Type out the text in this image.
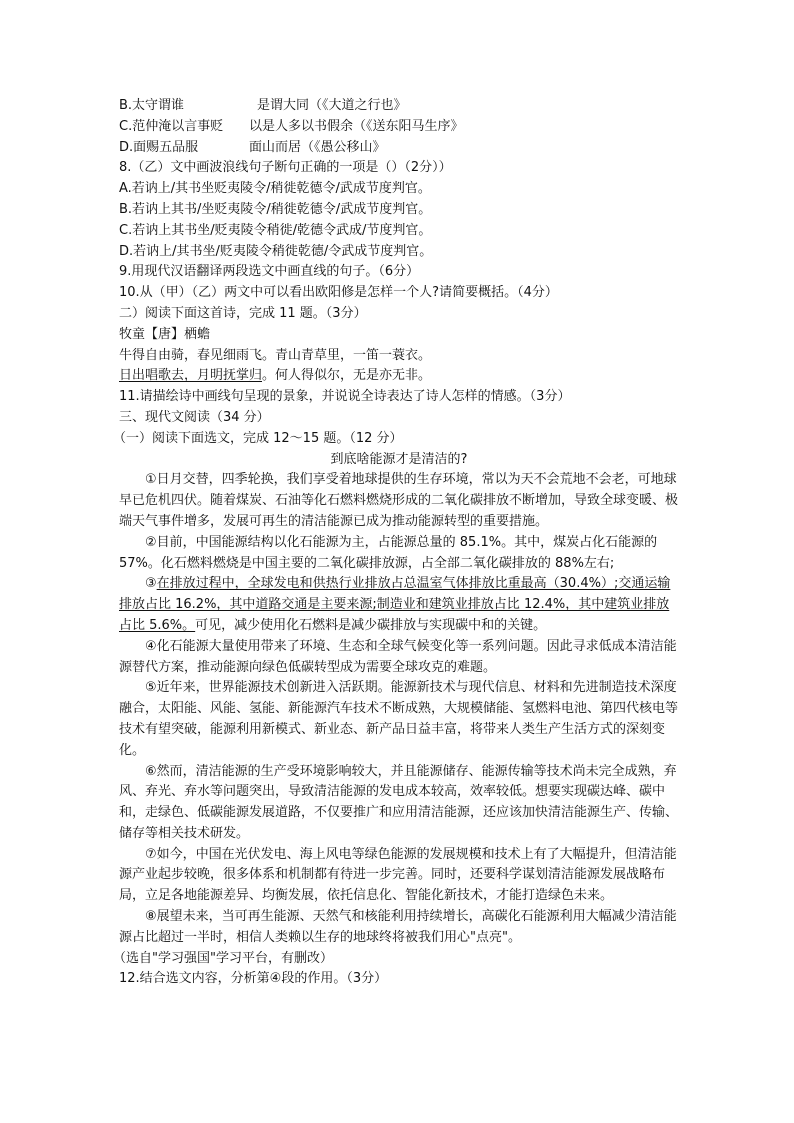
B.太守谓谁	是谓大同（《大道之行也》
C.范仲淹以言事贬 以是人多以书假余（《送东阳马生序》
D.面赐五品服	面山而居（《愚公移山》
8.（乙）文中画波浪线句子断句正确的一项是（）（2分））
A.若讷上/其书坐贬夷陵令/稍徙乾德令/武成节度判官。
B.若讷上其书/坐贬夷陵令/稍徙乾德令/武成节度判官。
C.若讷上其书坐/贬夷陵令稍徙/乾德令武成/节度判官。
D.若讷上/其书坐/贬夷陵令稍徙乾德/令武成节度判官。
9.用现代汉语翻译两段选文中画直线的句子。（6分）
10.从（甲）（乙）两文中可以看出欧阳修是怎样一个人?请简要概括。（4分）
二）阅读下面这首诗，完成 11 题。（3分）
牧童【唐】栖蟾
牛得自由骑，春见细雨飞。青山青草里，一笛一蓑衣。
日出唱歌去，月明抚掌归。何人得似尔，无是亦无非。
11.请描绘诗中画线句呈现的景象，并说说全诗表达了诗人怎样的情感。（3分）
三、现代文阅读（34 分）
（一）阅读下面选文，完成 12～15 题。（12 分）
到底啥能源才是清洁的?

①日月交替，四季轮换，我们享受着地球提供的生存环境，常以为天不会荒地不会老，可地球早已危机四伏。随着煤炭、石油等化石燃料燃烧形成的二氧化碳排放不断增加，导致全球变暖、极端天气事件增多，发展可再生的清洁能源已成为推动能源转型的重要措施。

②目前，中国能源结构以化石能源为主，占能源总量的 85.1%。其中，煤炭占化石能源的 57%。化石燃料燃烧是中国主要的二氧化碳排放源，占全部二氧化碳排放的 88%左右;

③在排放过程中，全球发电和供热行业排放占总温室气体排放比重最高（30.4%）;交通运输排放占比 16.2%，其中道路交通是主要来源;制造业和建筑业排放占比 12.4%，其中建筑业排放占比 5.6%。可见，减少使用化石燃料是减少碳排放与实现碳中和的关键。

④化石能源大量使用带来了环境、生态和全球气候变化等一系列问题。因此寻求低成本清洁能源替代方案，推动能源向绿色低碳转型成为需要全球攻克的难题。

⑤近年来，世界能源技术创新进入活跃期。能源新技术与现代信息、材料和先进制造技术深度融合，太阳能、风能、氢能、新能源汽车技术不断成熟，大规模储能、氢燃料电池、第四代核电等技术有望突破，能源利用新模式、新业态、新产品日益丰富，将带来人类生产生活方式的深刻变化。

⑥然而，清洁能源的生产受环境影响较大，并且能源储存、能源传输等技术尚未完全成熟，弃风、弃光、弃水等问题突出，导致清洁能源的发电成本较高，效率较低。想要实现碳达峰、碳中和，走绿色、低碳能源发展道路，不仅要推广和应用清洁能源，还应该加快清洁能源生产、传输、储存等相关技术研发。

⑦如今，中国在光伏发电、海上风电等绿色能源的发展规模和技术上有了大幅提升，但清洁能源产业起步较晚，很多体系和机制都有待进一步完善。同时，还要科学谋划清洁能源发展战略布局，立足各地能源差异、均衡发展，依托信息化、智能化新技术，才能打造绿色未来。

⑧展望未来，当可再生能源、天然气和核能利用持续增长，高碳化石能源利用大幅减少清洁能源占比超过一半时，相信人类赖以生存的地球终将被我们用心"点亮"。

（选自"学习强国"学习平台，有删改）
12.结合选文内容，分析第④段的作用。（3分）
